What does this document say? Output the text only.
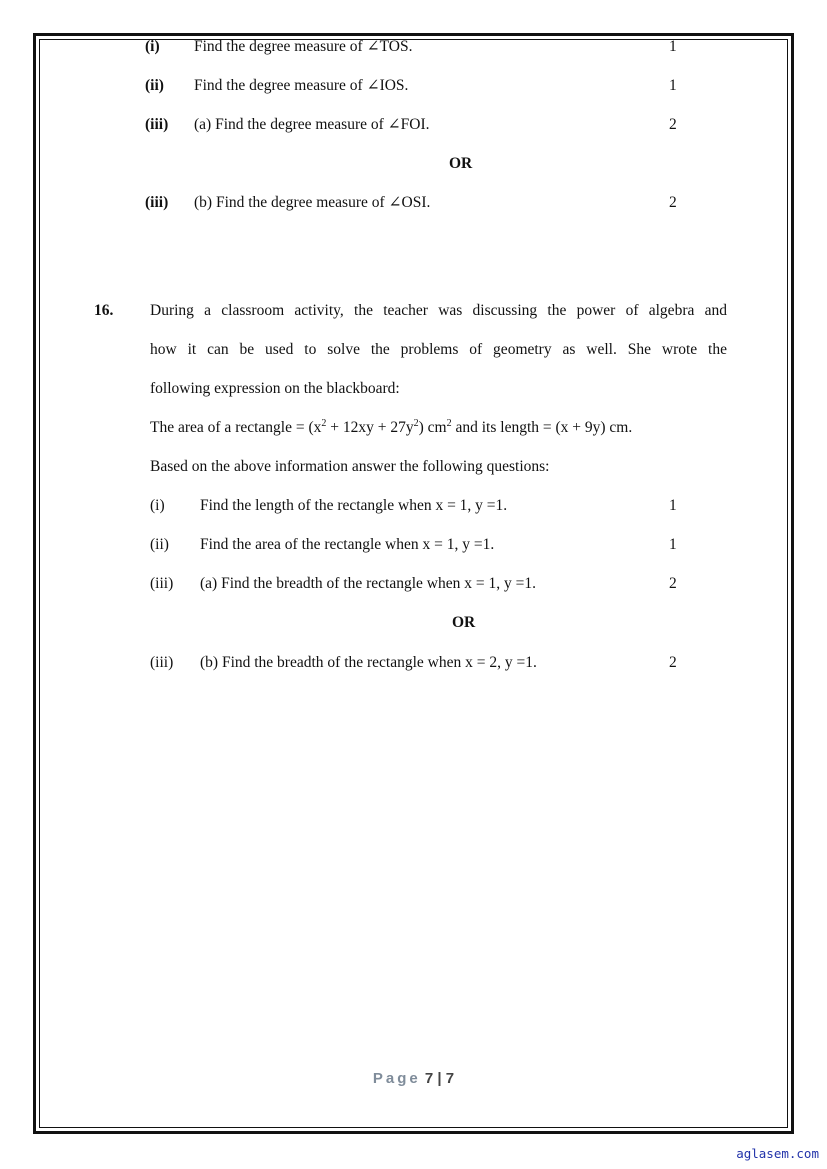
(i) Find the degree measure of ∠TOS.	1
(ii) Find the degree measure of ∠IOS.	1
(iii) (a) Find the degree measure of ∠FOI.	2
OR
(iii) (b) Find the degree measure of ∠OSI.	2
16. During a classroom activity, the teacher was discussing the power of algebra and
how it can be used to solve the problems of geometry as well. She wrote the
following expression on the blackboard:
The area of a rectangle = $(x^2 + 12xy + 27y^2)$ $cm^2$ and its length = (x + 9y) cm.
Based on the above information answer the following questions:
(i) Find the length of the rectangle when x = 1, y =1.	1
(ii) Find the area of the rectangle when x = 1, y =1.	1
(iii) (a) Find the breadth of the rectangle when x = 1, y =1.	2
OR
(iii) (b) Find the breadth of the rectangle when x = 2, y =1.	2
Page 7 | 7
aglasem.com
